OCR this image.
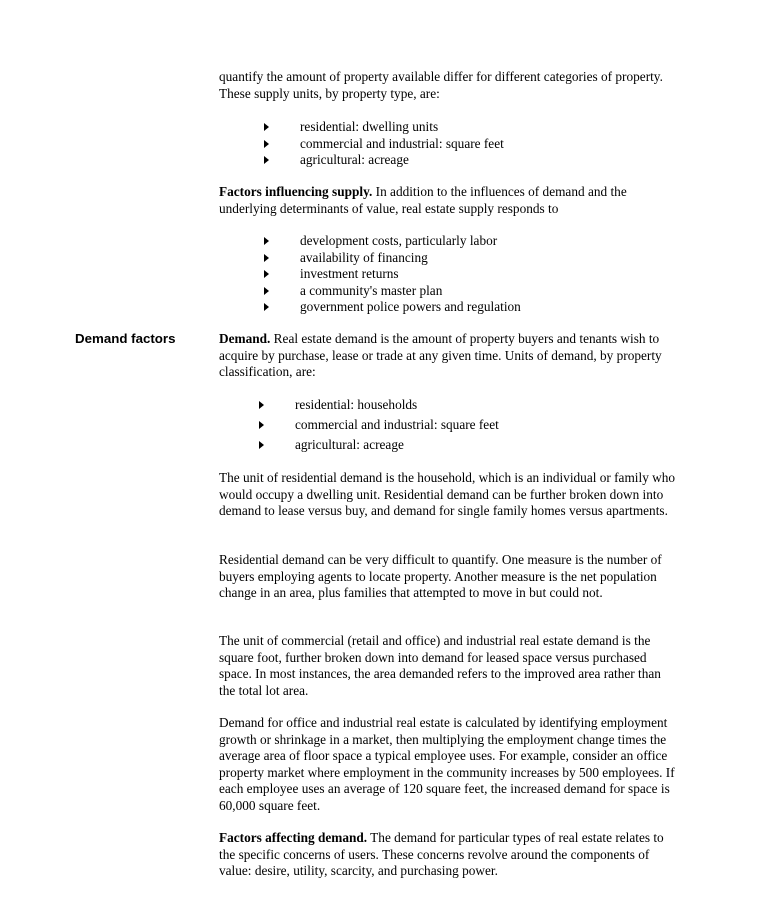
quantify the amount of property available differ for different categories of property. These supply units, by property type, are:

residential: dwelling units
commercial and industrial: square feet
agricultural: acreage

Factors influencing supply. In addition to the influences of demand and the underlying determinants of value, real estate supply responds to

development costs, particularly labor
availability of financing
investment returns
a community's master plan
government police powers and regulation
Demand factors	Demand. Real estate demand is the amount of property buyers and tenants wish to acquire by purchase, lease or trade at any given time. Units of demand, by property classification, are:

residential: households
commercial and industrial: square feet
agricultural: acreage

The unit of residential demand is the household, which is an individual or family who would occupy a dwelling unit. Residential demand can be further broken down into demand to lease versus buy, and demand for single family homes versus apartments.

Residential demand can be very difficult to quantify. One measure is the number of buyers employing agents to locate property. Another measure is the net population change in an area, plus families that attempted to move in but could not.

The unit of commercial (retail and office) and industrial real estate demand is the square foot, further broken down into demand for leased space versus purchased space. In most instances, the area demanded refers to the improved area rather than the total lot area.

Demand for office and industrial real estate is calculated by identifying employment growth or shrinkage in a market, then multiplying the employment change times the average area of floor space a typical employee uses. For example, consider an office property market where employment in the community increases by 500 employees. If each employee uses an average of 120 square feet, the increased demand for space is 60,000 square feet.

Factors affecting demand. The demand for particular types of real estate relates to the specific concerns of users. These concerns revolve around the components of value: desire, utility, scarcity, and purchasing power.
